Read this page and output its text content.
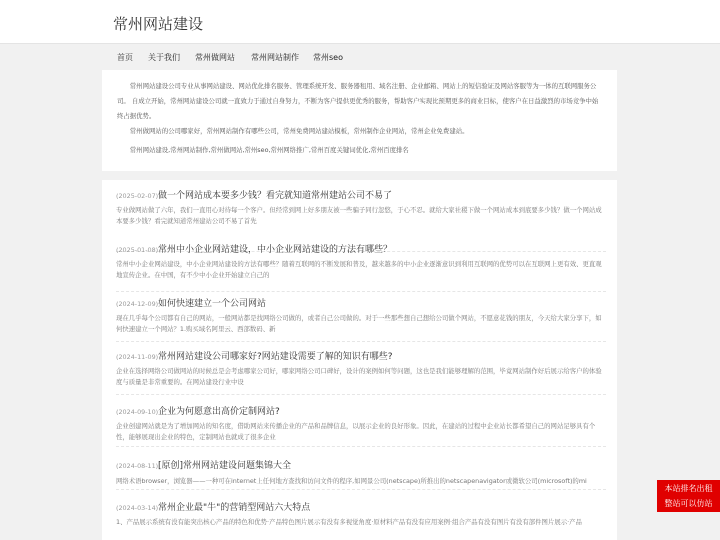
常州网站建设
首页 关于我们 常州做网站 常州网站制作 常州seo

常州网站建设公司专业从事网站建设、网站优化排名服务、管理系统开发、服务器租用、域名注册、企业邮箱、网站上的短信验证及网站客服等为一体的互联网服务公司。 自成立开始，常州网站建设公司就一直致力于通过自身努力，不断为客户提供更优秀的服务，帮助客户实现比预期更多的商业目标，使客户在日益激烈的市场竞争中始终占据优势。

常州做网站的公司哪家好，常州网站制作有哪些公司，常州免费网站建站模板，常州制作企业网站，常州企业免费建站。

常州网站建设,常州网站制作,常州做网站,常州seo,常州网络推广,常州百度关键词优化,常州百度排名

(2025-02-07) 做一个网站成本要多少钱？看完就知道常州建站公司不易了
专业做网站做了六年，我们一直用心对待每一个客户。但经常到网上好多朋友被一些骗子同行忽悠，于心不忍。就给大家社稷下做一个网站成本到底要多少钱？做一个网站成本要多少钱？看完就知道常州建站公司不易了首先
(2025-01-08) 常州中小企业网站建设，中小企业网站建设的方法有哪些？
常州中小企业网站建设，中小企业网站建设的方法有哪些？随着互联网的不断发展和普及，越来越多的中小企业逐渐意识到利用互联网的优势可以在互联网上更有效、更直观地宣传企业。在中国，有不少中小企业开始建立自己的
(2024-12-09) 如何快速建立一个公司网站
现在几乎每个公司都有自己的网站，一般网站都是找网络公司做的，或者自己公司做的。对于一些那些想自己想给公司做个网站，不愿意花钱的朋友，今天给大家分享下，如何快速建立一个网站？1.购买域名阿里云、西部数码、新
(2024-11-09) 常州网站建设公司哪家好?网站建设需要了解的知识有哪些?
企业在选择网络公司做网站的时候总是会考虑哪家公司好，哪家网络公司口碑好，设计的案例如何等问题，这也是我们能够理解的范围，毕竟网站制作好后展示给客户的体验度与质量是非常重要的。在网站建设行业中设
(2024-09-10) 企业为何愿意出高价定制网站?
企业创建网站就是为了增加网站的知名度，借助网站来传播企业的产品和品牌信息，以展示企业的良好形象。因此，在建站的过程中企业站长都希望自己的网站足够具有个性，能够展现出企业的特色，定制网站也就成了很多企业
(2024-08-11) [原创]常州网站建设问题集锦大全
网络术语browser，浏览器——一种可在internet上任何地方查找和访问文件的程序,如网景公司(netscape)所推出的netscapenavigator或微软公司(microsoft)的mi
(2024-03-14) 常州企业最"牛"的营销型网站六大特点
1、产品展示系统有没有能突出核心产品的特色和优势·产品特色图片展示有没有多视觉角度·原材料产品有没有应用案例·组合产品有没有图片有没有部件图片展示·产品
本站排名出租
整站可以仿站
